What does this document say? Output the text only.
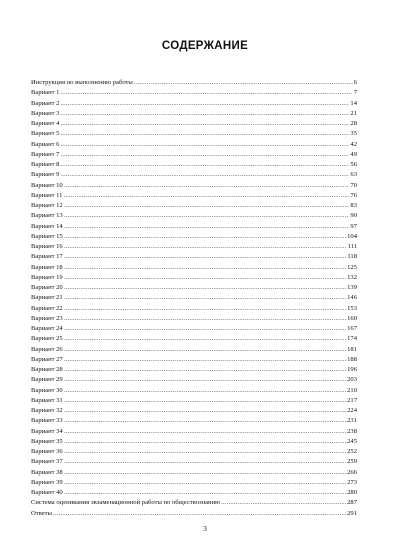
СОДЕРЖАНИЕ
Инструкция по выполнению работы .....	6
Вариант 1 .....	7
Вариант 2 .....	14
Вариант 3 .....	21
Вариант 4 .....	28
Вариант 5 .....	35
Вариант 6 .....	42
Вариант 7 .....	49
Вариант 8 .....	56
Вариант 9 .....	63
Вариант 10 .....	70
Вариант 11 .....	76
Вариант 12 .....	83
Вариант 13 .....	90
Вариант 14 .....	97
Вариант 15 .....	104
Вариант 16 .....	111
Вариант 17 .....	118
Вариант 18 .....	125
Вариант 19 .....	132
Вариант 20 .....	139
Вариант 21 .....	146
Вариант 22 .....	153
Вариант 23 .....	160
Вариант 24 .....	167
Вариант 25 .....	174
Вариант 26 .....	181
Вариант 27 .....	188
Вариант 28 .....	196
Вариант 29 .....	203
Вариант 30 .....	210
Вариант 31 .....	217
Вариант 32 .....	224
Вариант 33 .....	231
Вариант 34 .....	238
Вариант 35 .....	245
Вариант 36 .....	252
Вариант 37 .....	259
Вариант 38 .....	266
Вариант 39 .....	273
Вариант 40 .....	280
Система оценивания экзаменационной работы по обществознанию .....	287
Ответы .....	291
3
